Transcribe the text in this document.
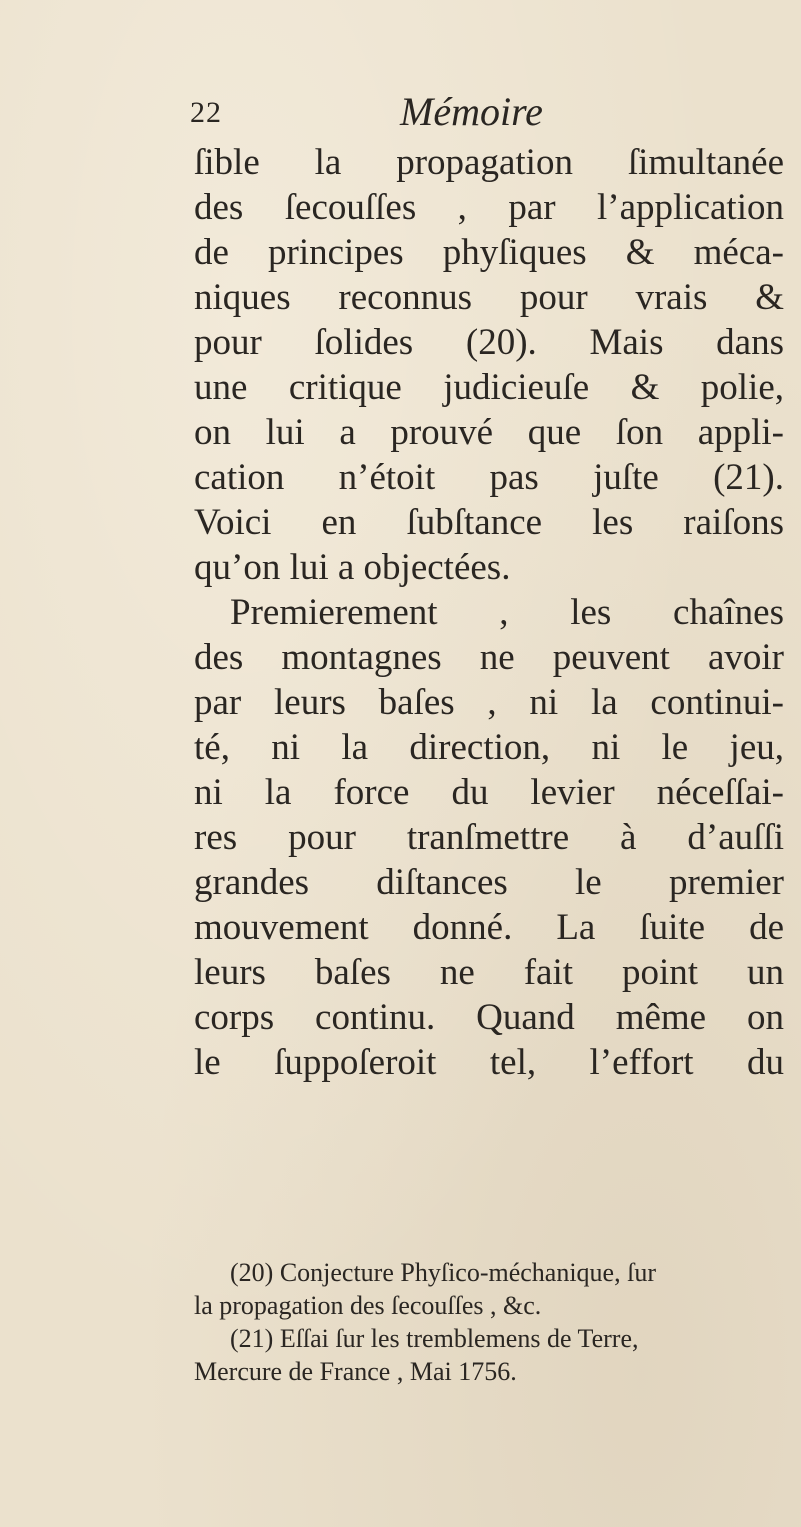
22	Mémoire
ſible la propagation ſimultanée
des ſecouſſes , par l’application
de principes phyſiques & méca-
niques reconnus pour vrais &
pour ſolides (20). Mais dans
une critique judicieuſe & polie,
on lui a prouvé que ſon appli-
cation n’étoit pas juſte (21).
Voici en ſubſtance les raiſons
qu’on lui a objectées.
Premierement , les chaînes
des montagnes ne peuvent avoir
par leurs baſes , ni la continui-
té, ni la direction, ni le jeu,
ni la force du levier néceſſai-
res pour tranſmettre à d’auſſi
grandes diſtances le premier
mouvement donné. La ſuite de
leurs baſes ne fait point un
corps continu. Quand même on
le ſuppoſeroit tel, l’effort du
(20) Conjecture Phyſico-méchanique, ſur
la propagation des ſecouſſes , &c.
(21) Eſſai ſur les tremblemens de Terre,
Mercure de France , Mai 1756.
